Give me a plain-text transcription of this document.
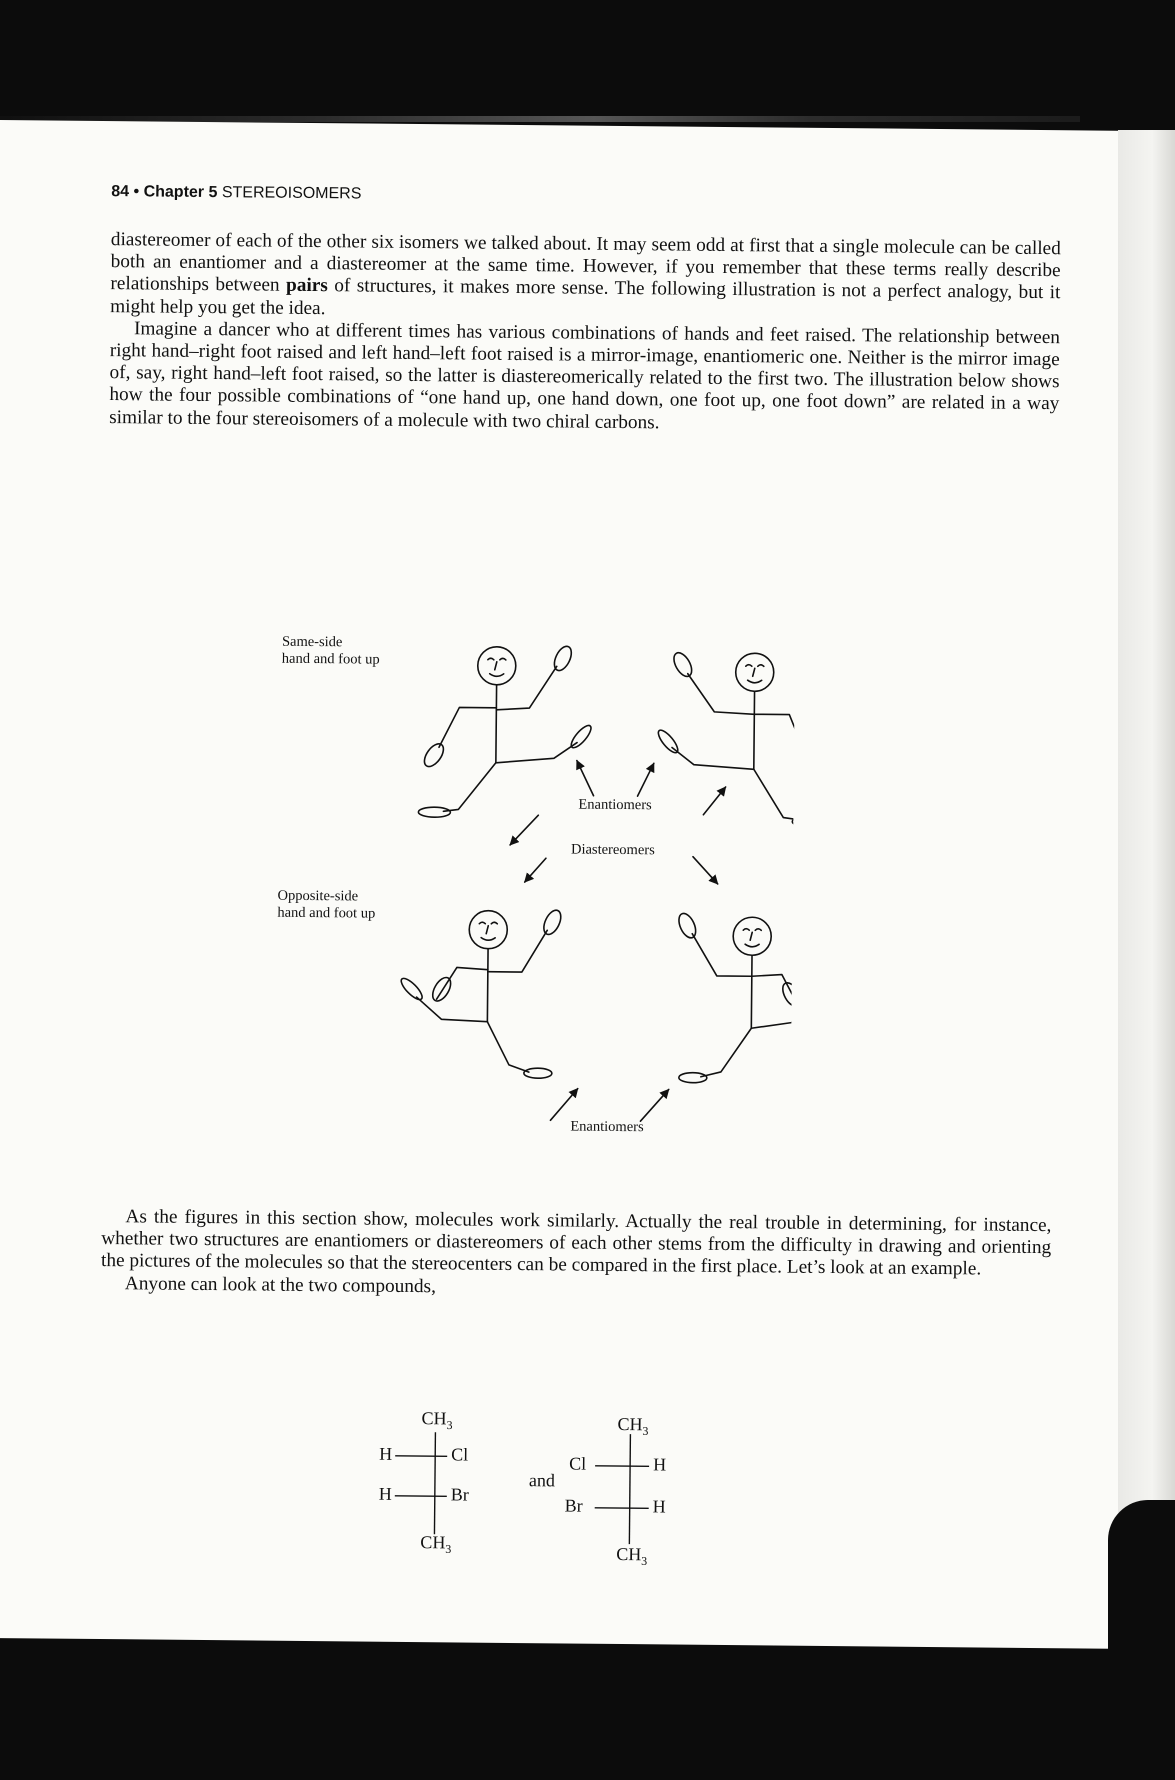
84 • Chapter 5 STEREOISOMERS

diastereomer of each of the other six isomers we talked about. It may seem odd at first that a single molecule can be called both an enantiomer and a diastereomer at the same time. However, if you remember that these terms really describe relationships between pairs of structures, it makes more sense. The following illustration is not a perfect analogy, but it might help you get the idea.

Imagine a dancer who at different times has various combinations of hands and feet raised. The relationship between right hand–right foot raised and left hand–left foot raised is a mirror-image, enantiomeric one. Neither is the mirror image of, say, right hand–left foot raised, so the latter is diastereomerically related to the first two. The illustration below shows how the four possible combinations of “one hand up, one hand down, one foot up, one foot down” are related in a way similar to the four stereoisomers of a molecule with two chiral carbons.

Same-side
hand and foot up
Opposite-side
hand and foot up
Enantiomers
Diastereomers
Enantiomers

As the figures in this section show, molecules work similarly. Actually the real trouble in determining, for instance, whether two structures are enantiomers or diastereomers of each other stems from the difficulty in drawing and orienting the pictures of the molecules so that the stereocenters can be compared in the first place. Let’s look at an example.

Anyone can look at the two compounds,

$CH_3$
H	Cl
H	Br
$CH_3$
and
$CH_3$
Cl	H
Br	H
$CH_3$
